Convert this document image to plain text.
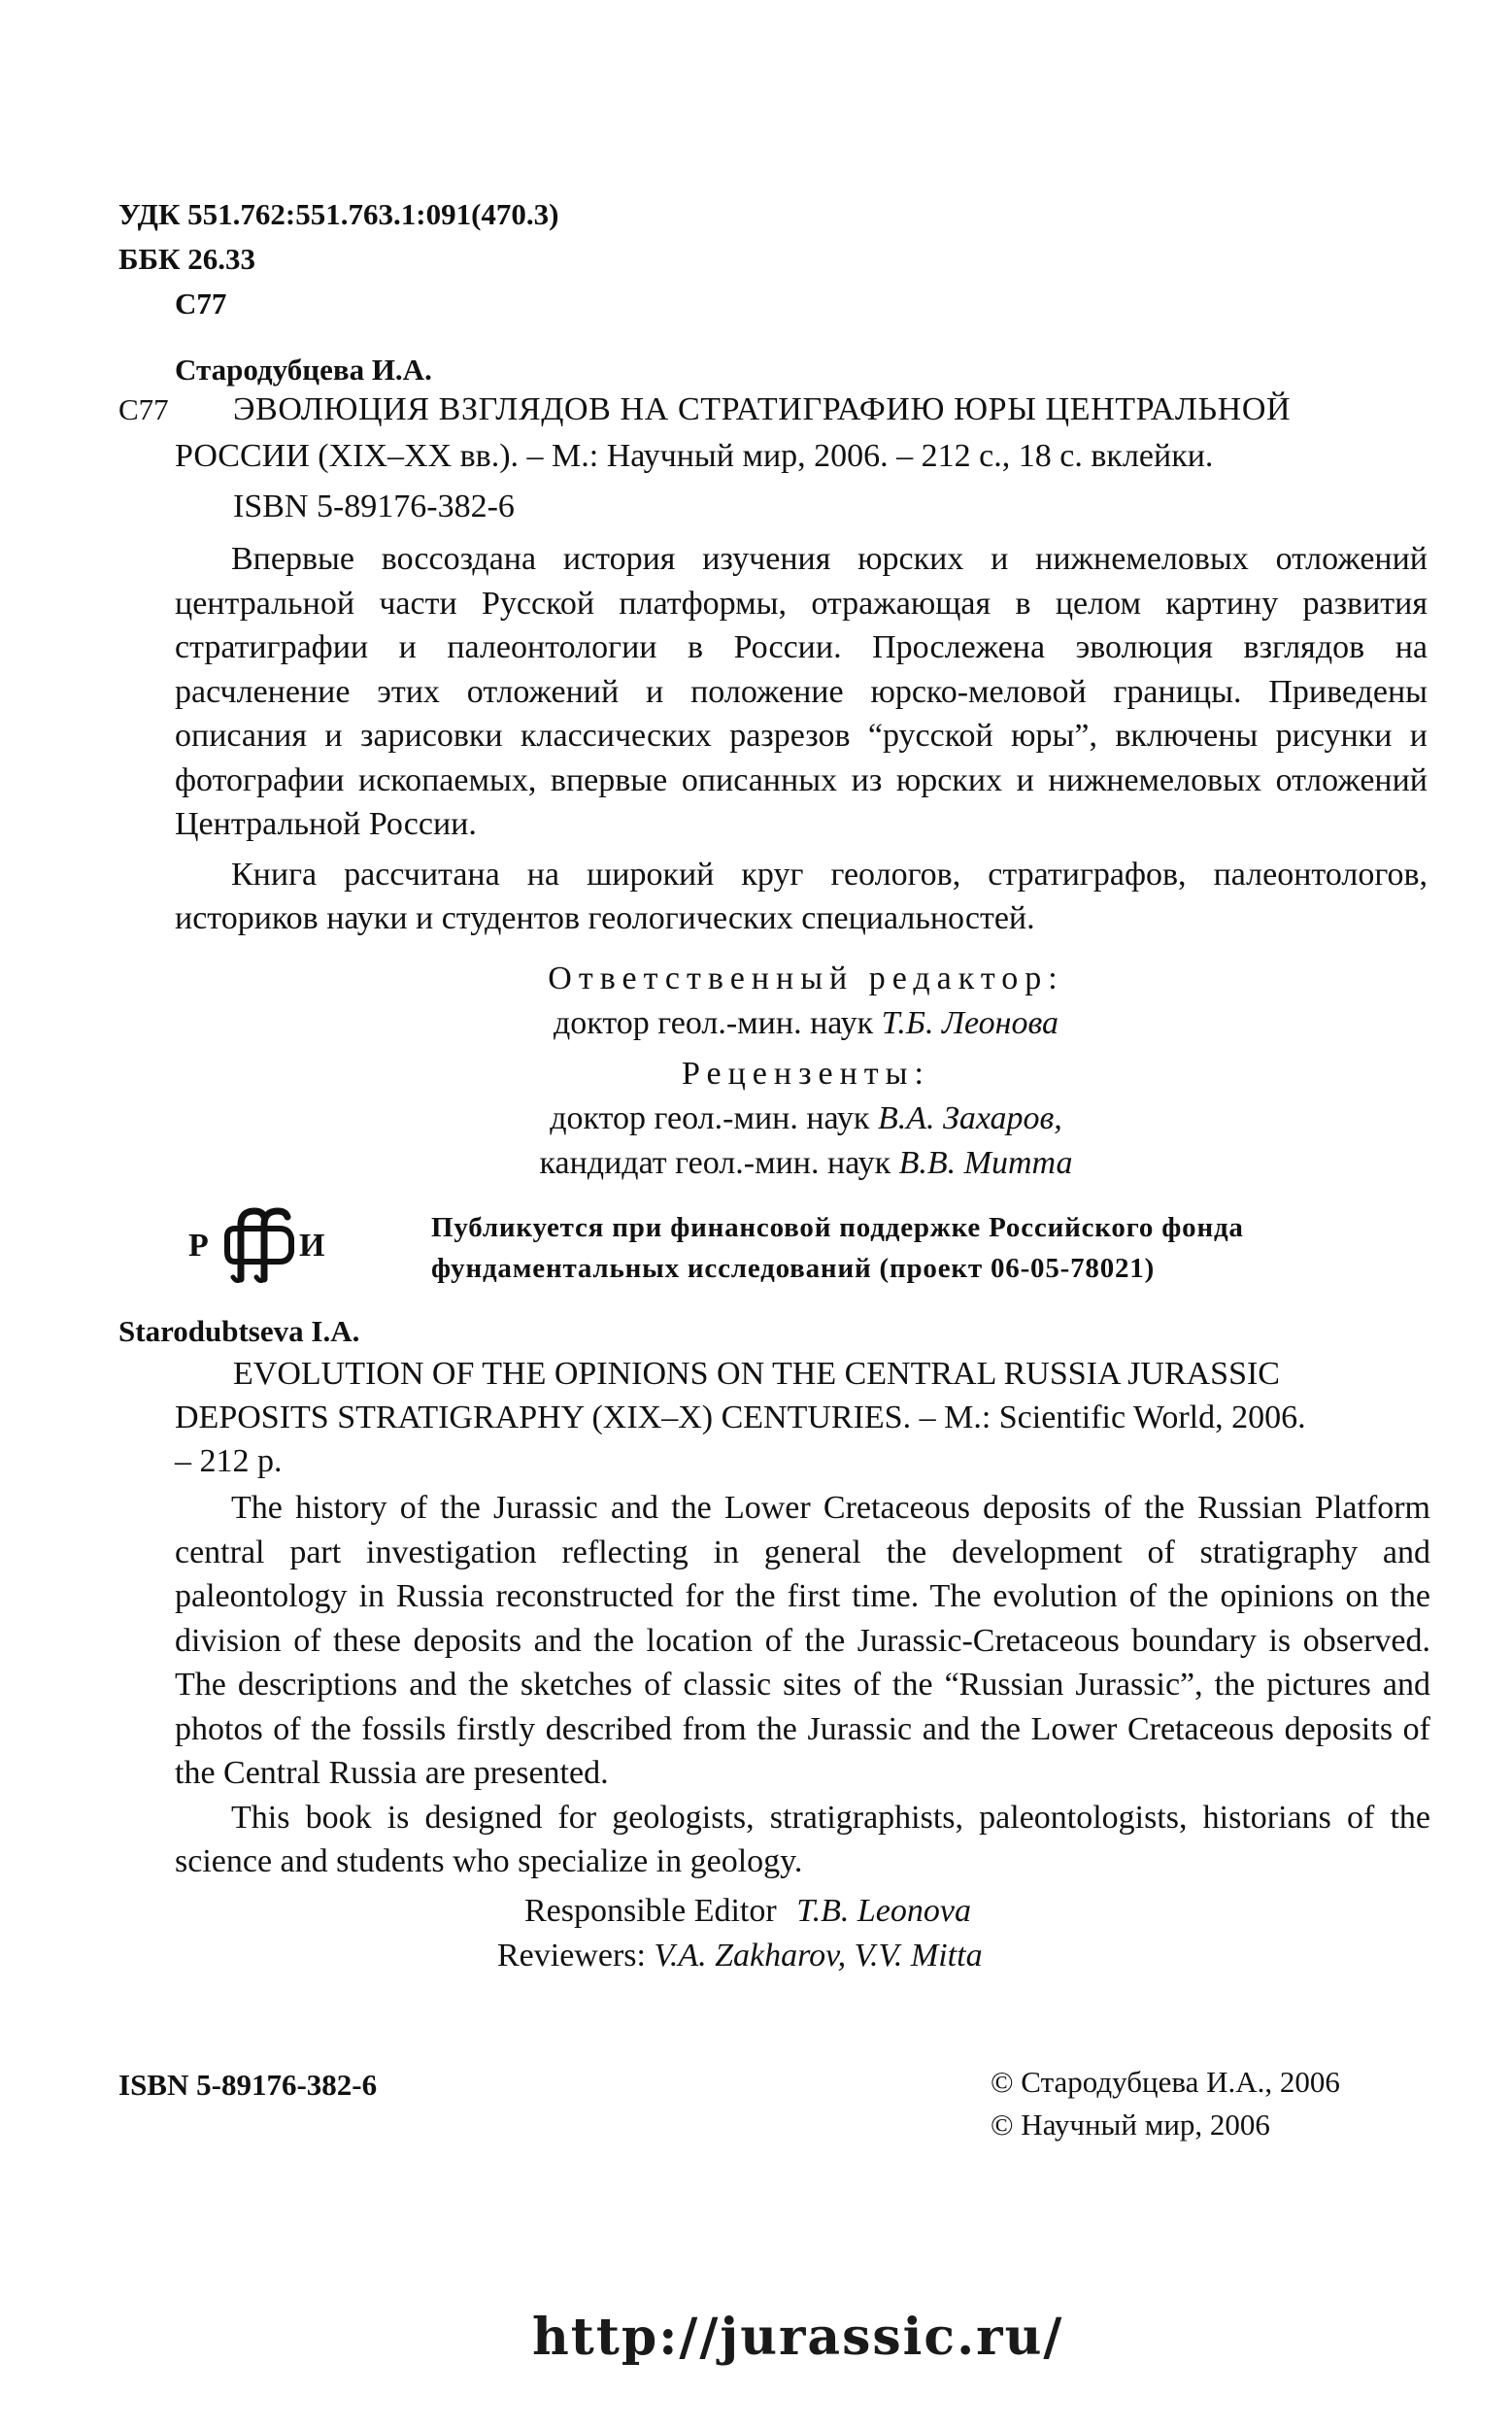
УДК 551.762:551.763.1:091(470.3)
ББК 26.33
С77
Стародубцева И.А.
С77 ЭВОЛЮЦИЯ ВЗГЛЯДОВ НА СТРАТИГРАФИЮ ЮРЫ ЦЕНТРАЛЬНОЙ
РОССИИ (XIX–XX вв.). – М.: Научный мир, 2006. – 212 с., 18 с. вклейки.
ISBN 5-89176-382-6

Впервые воссоздана история изучения юрских и нижнемеловых отложений центральной части Русской платформы, отражающая в целом картину развития стратиграфии и палеонтологии в России. Прослежена эволюция взглядов на расчленение этих отложений и положение юрско-меловой границы. Приведены описания и зарисовки классических разрезов “русской юры”, включены рисунки и фотографии ископаемых, впервые описанных из юрских и нижнемеловых отложений Центральной России.

Книга рассчитана на широкий круг геологов, стратиграфов, палеонтологов, историков науки и студентов геологических специальностей.

Ответственный редактор:
доктор геол.-мин. наук Т.Б. Леонова
Рецензенты:
доктор геол.-мин. наук В.А. Захаров,
кандидат геол.-мин. наук В.В. Митта
Р	И	Публикуется при финансовой поддержке Российского фонда
фундаментальных исследований (проект 06-05-78021)
Starodubtseva I.A.
EVOLUTION OF THE OPINIONS ON THE CENTRAL RUSSIA JURASSIC
DEPOSITS STRATIGRAPHY (XIX–X) CENTURIES. – M.: Scientific World, 2006.
– 212 p.

The history of the Jurassic and the Lower Cretaceous deposits of the Russian Platform central part investigation reflecting in general the development of stratigraphy and paleontology in Russia reconstructed for the first time. The evolution of the opinions on the division of these deposits and the location of the Jurassic-Cretaceous boundary is observed. The descriptions and the sketches of classic sites of the “Russian Jurassic”, the pictures and photos of the fossils firstly described from the Jurassic and the Lower Cretaceous deposits of the Central Russia are presented.

This book is designed for geologists, stratigraphists, paleontologists, historians of the science and students who specialize in geology.

Responsible Editor T.B. Leonova
Reviewers: V.A. Zakharov, V.V. Mitta
ISBN 5-89176-382-6	© Стародубцева И.А., 2006
© Научный мир, 2006
http://jurassic.ru/
